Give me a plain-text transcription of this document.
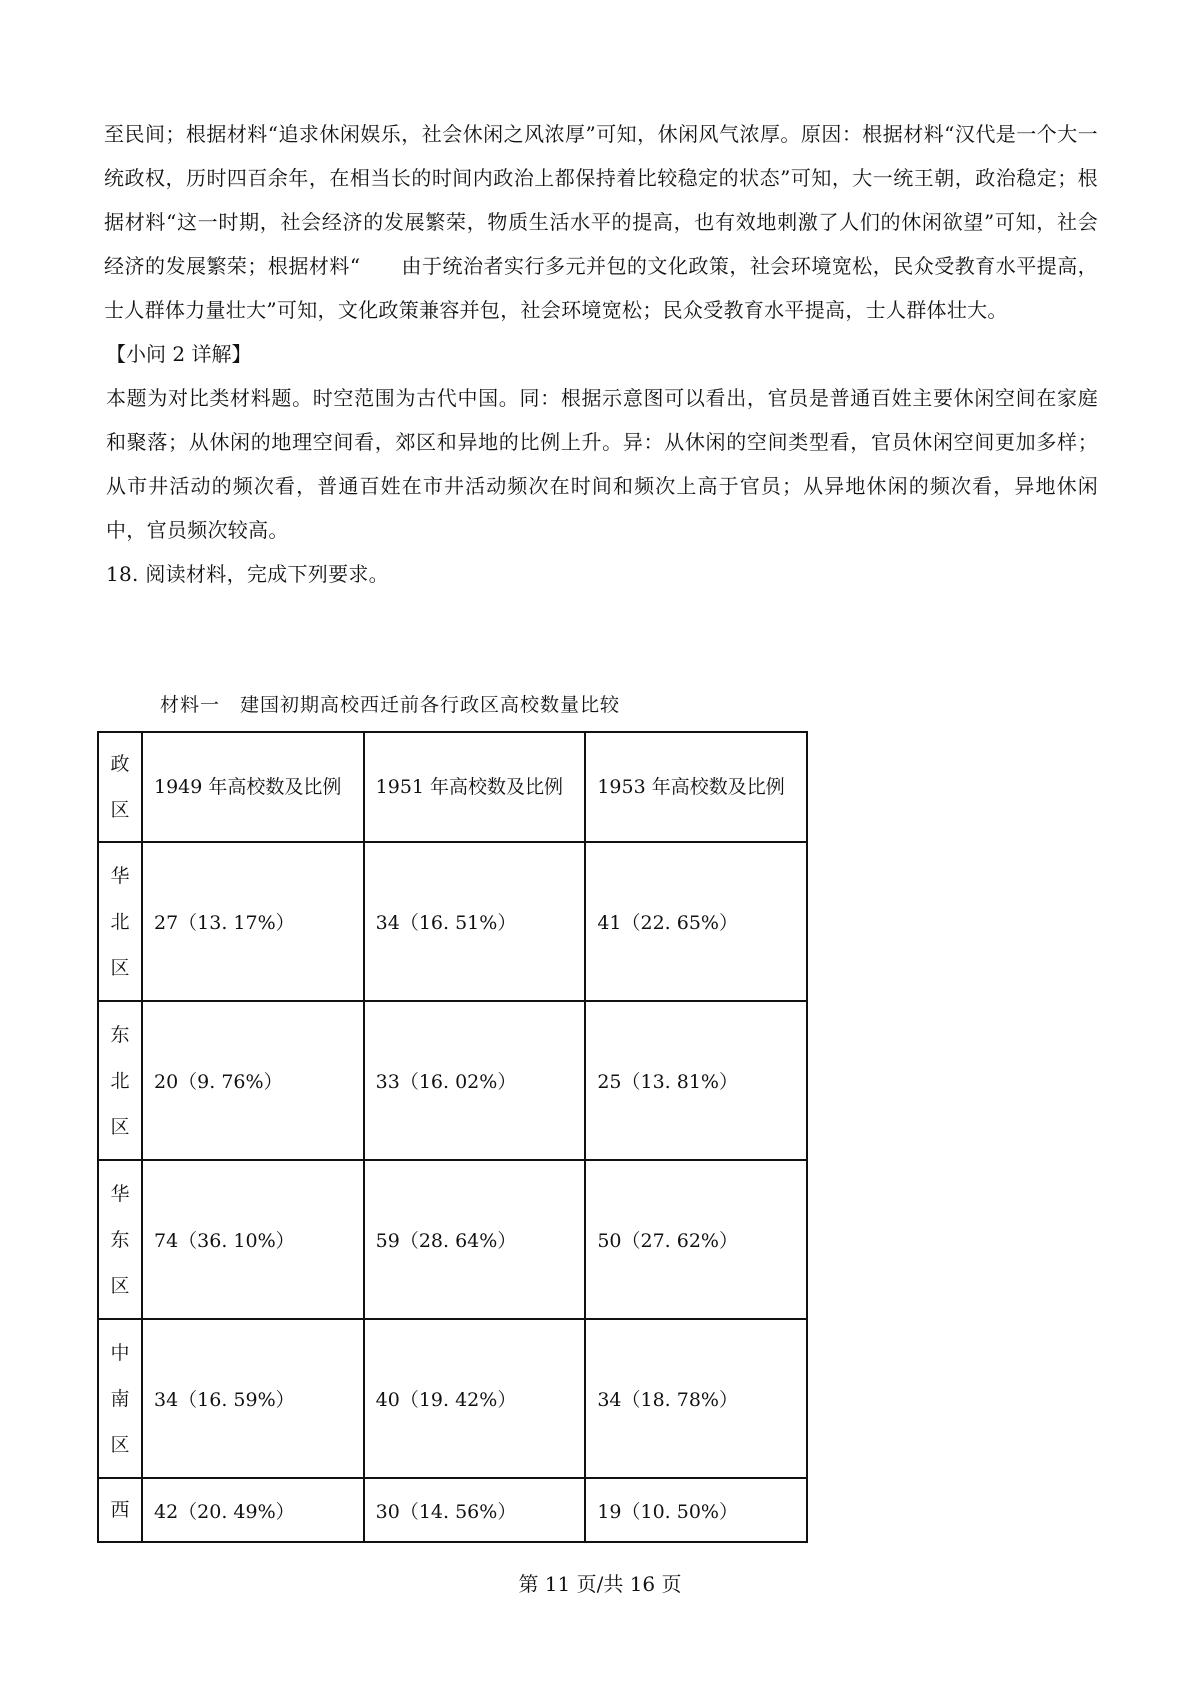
至民间；根据材料“追求休闲娱乐，社会休闲之风浓厚”可知，休闲风气浓厚。原因：根据材料“汉代是一个大一统政权，历时四百余年，在相当长的时间内政治上都保持着比较稳定的状态”可知，大一统王朝，政治稳定；根据材料“这一时期，社会经济的发展繁荣，物质生活水平的提高，也有效地刺激了人们的休闲欲望”可知，社会经济的发展繁荣；根据材料“　　由于统治者实行多元并包的文化政策，社会环境宽松，民众受教育水平提高，士人群体力量壮大”可知，文化政策兼容并包，社会环境宽松；民众受教育水平提高，士人群体壮大。

【小问 2 详解】

本题为对比类材料题。时空范围为古代中国。同：根据示意图可以看出，官员是普通百姓主要休闲空间在家庭和聚落；从休闲的地理空间看，郊区和异地的比例上升。异：从休闲的空间类型看，官员休闲空间更加多样；从市井活动的频次看，普通百姓在市井活动频次在时间和频次上高于官员；从异地休闲的频次看，异地休闲中，官员频次较高。

18. 阅读材料，完成下列要求。

材料一　建国初期高校西迁前各行政区高校数量比较
政区	1949 年高校数及比例	1951 年高校数及比例	1953 年高校数及比例

华北区	27（13. 17%）	34（16. 51%）	41（22. 65%）
东北区	20（9. 76%）	33（16. 02%）	25（13. 81%）
华东区	74（36. 10%）	59（28. 64%）	50（27. 62%）
中南区	34（16. 59%）	40（19. 42%）	34（18. 78%）
西	42（20. 49%）	30（14. 56%）	19（10. 50%）
第 11 页/共 16 页
